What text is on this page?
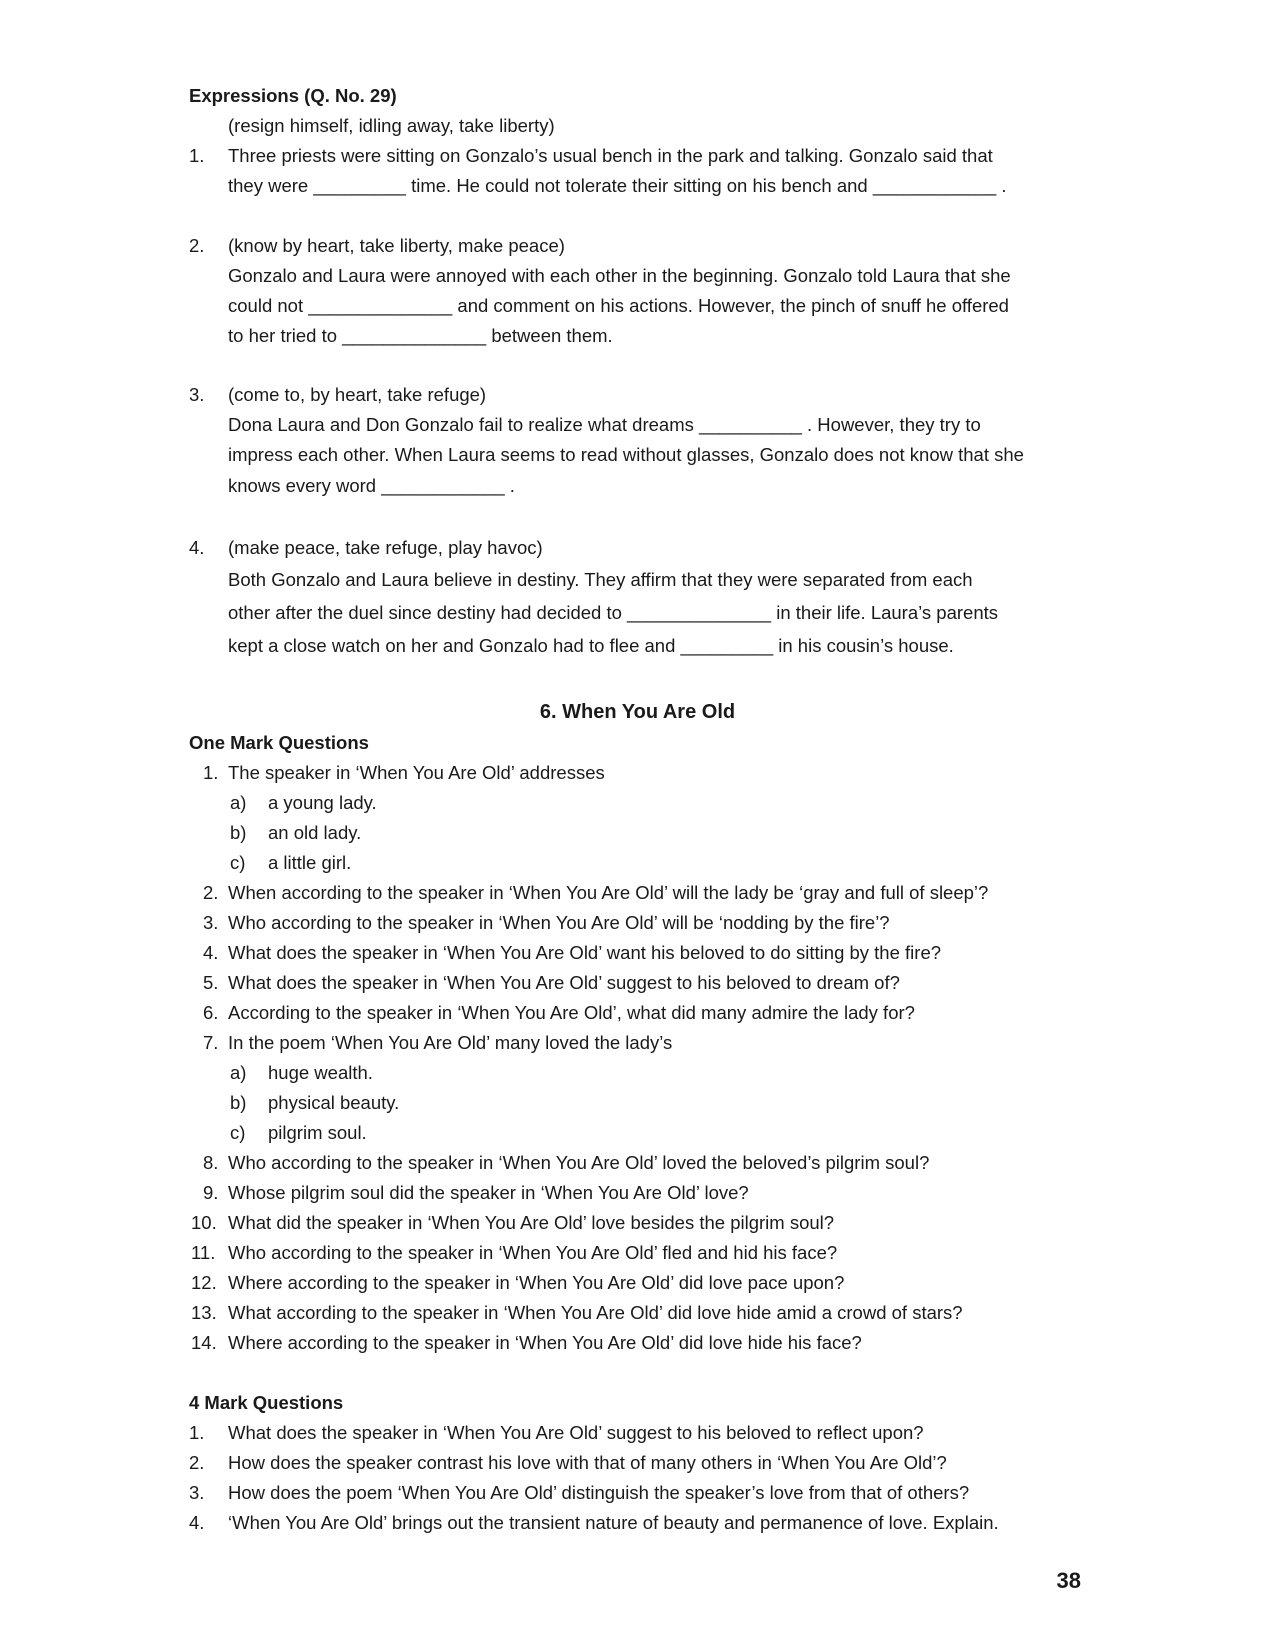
Expressions (Q. No. 29)
(resign himself, idling away, take liberty)
1. Three priests were sitting on Gonzalo’s usual bench in the park and talking. Gonzalo said that
they were _________ time. He could not tolerate their sitting on his bench and ____________ .
2. (know by heart, take liberty, make peace)
Gonzalo and Laura were annoyed with each other in the beginning. Gonzalo told Laura that she
could not ______________ and comment on his actions. However, the pinch of snuff he offered
to her tried to ______________ between them.
3. (come to, by heart, take refuge)
Dona Laura and Don Gonzalo fail to realize what dreams __________ . However, they try to
impress each other. When Laura seems to read without glasses, Gonzalo does not know that she
knows every word ____________ .
4. (make peace, take refuge, play havoc)
Both Gonzalo and Laura believe in destiny. They affirm that they were separated from each
other after the duel since destiny had decided to ______________ in their life. Laura’s parents
kept a close watch on her and Gonzalo had to flee and _________ in his cousin’s house.
6. When You Are Old
One Mark Questions
1. The speaker in ‘When You Are Old’ addresses
a) a young lady.
b) an old lady.
c) a little girl.
2. When according to the speaker in ‘When You Are Old’ will the lady be ‘gray and full of sleep’?
3. Who according to the speaker in ‘When You Are Old’ will be ‘nodding by the fire’?
4. What does the speaker in ‘When You Are Old’ want his beloved to do sitting by the fire?
5. What does the speaker in ‘When You Are Old’ suggest to his beloved to dream of?
6. According to the speaker in ‘When You Are Old’, what did many admire the lady for?
7. In the poem ‘When You Are Old’ many loved the lady’s
a) huge wealth.
b) physical beauty.
c) pilgrim soul.
8. Who according to the speaker in ‘When You Are Old’ loved the beloved’s pilgrim soul?
9. Whose pilgrim soul did the speaker in ‘When You Are Old’ love?
10. What did the speaker in ‘When You Are Old’ love besides the pilgrim soul?
11. Who according to the speaker in ‘When You Are Old’ fled and hid his face?
12. Where according to the speaker in ‘When You Are Old’ did love pace upon?
13. What according to the speaker in ‘When You Are Old’ did love hide amid a crowd of stars?
14. Where according to the speaker in ‘When You Are Old’ did love hide his face?
4 Mark Questions
1. What does the speaker in ‘When You Are Old’ suggest to his beloved to reflect upon?
2. How does the speaker contrast his love with that of many others in ‘When You Are Old’?
3. How does the poem ‘When You Are Old’ distinguish the speaker’s love from that of others?
4. ‘When You Are Old’ brings out the transient nature of beauty and permanence of love. Explain.
38
